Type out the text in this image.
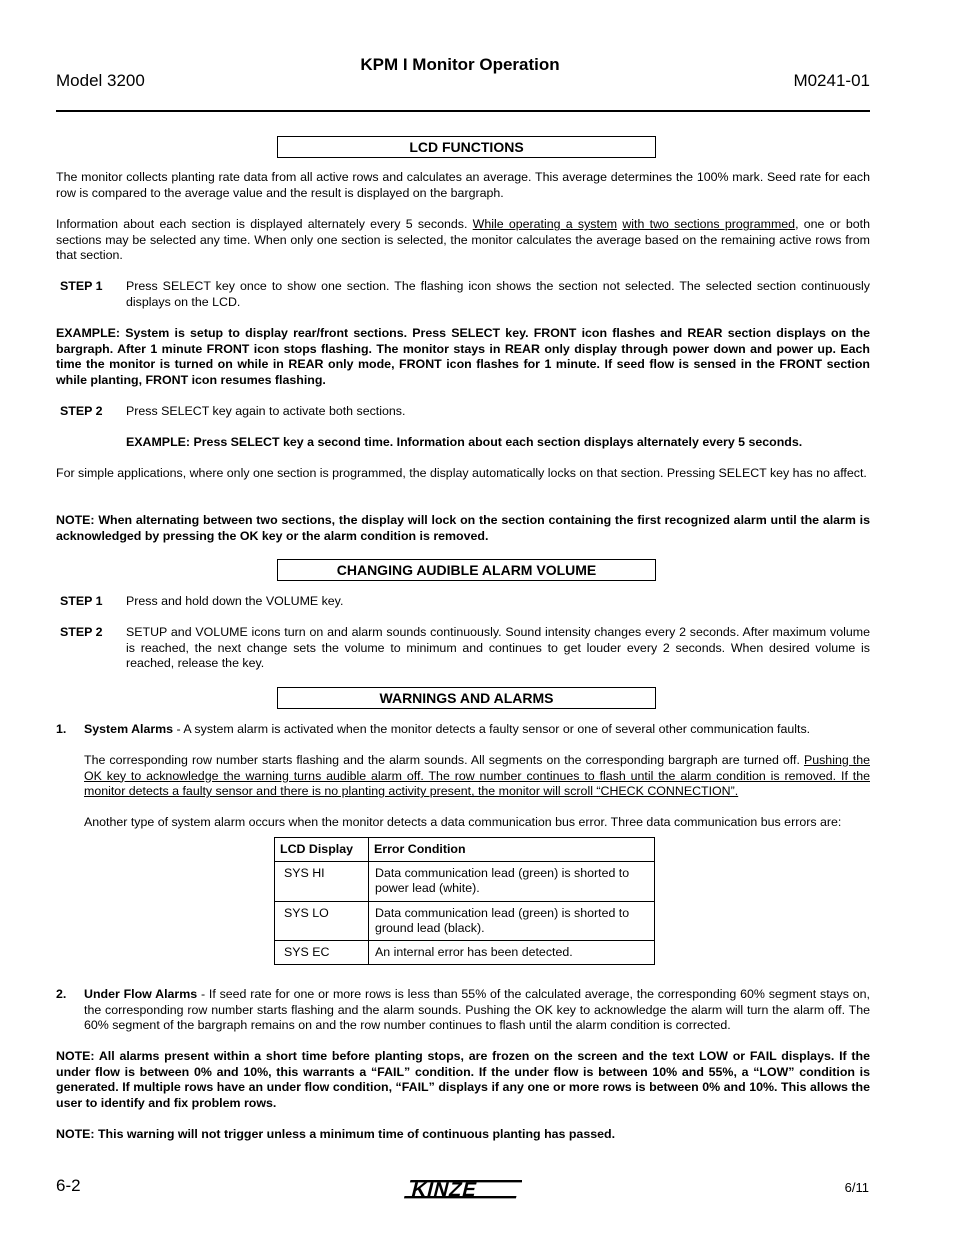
KPM I Monitor Operation
Model 3200	M0241-01
LCD FUNCTIONS
The monitor collects planting rate data from all active rows and calculates an average. This average determines the 100% mark. Seed rate for each row is compared to the average value and the result is displayed on the bargraph.
Information about each section is displayed alternately every 5 seconds. While operating a system with two sections programmed, one or both sections may be selected any time. When only one section is selected, the monitor calculates the average based on the remaining active rows from that section.
STEP 1 Press SELECT key once to show one section. The flashing icon shows the section not selected. The selected section continuously displays on the LCD.
EXAMPLE: System is setup to display rear/front sections. Press SELECT key. FRONT icon flashes and REAR section displays on the bargraph. After 1 minute FRONT icon stops flashing. The monitor stays in REAR only display through power down and power up. Each time the monitor is turned on while in REAR only mode, FRONT icon flashes for 1 minute. If seed flow is sensed in the FRONT section while planting, FRONT icon resumes flashing.
STEP 2 Press SELECT key again to activate both sections.
EXAMPLE: Press SELECT key a second time. Information about each section displays alternately every 5 seconds.
For simple applications, where only one section is programmed, the display automatically locks on that section. Pressing SELECT key has no affect.
NOTE: When alternating between two sections, the display will lock on the section containing the first recognized alarm until the alarm is acknowledged by pressing the OK key or the alarm condition is removed.
CHANGING AUDIBLE ALARM VOLUME
STEP 1 Press and hold down the VOLUME key.
STEP 2 SETUP and VOLUME icons turn on and alarm sounds continuously. Sound intensity changes every 2 seconds. After maximum volume is reached, the next change sets the volume to minimum and continues to get louder every 2 seconds. When desired volume is reached, release the key.
WARNINGS AND ALARMS
1. System Alarms - A system alarm is activated when the monitor detects a faulty sensor or one of several other communication faults.
The corresponding row number starts flashing and the alarm sounds. All segments on the corresponding bargraph are turned off. Pushing the OK key to acknowledge the warning turns audible alarm off. The row number continues to flash until the alarm condition is removed. If the monitor detects a faulty sensor and there is no planting activity present, the monitor will scroll “CHECK CONNECTION”.
Another type of system alarm occurs when the monitor detects a data communication bus error. Three data communication bus errors are:
LCD Display	Error Condition
SYS HI	Data communication lead (green) is shorted to power lead (white).
SYS LO	Data communication lead (green) is shorted to ground lead (black).
SYS EC	An internal error has been detected.
2. Under Flow Alarms - If seed rate for one or more rows is less than 55% of the calculated average, the corresponding 60% segment stays on, the corresponding row number starts flashing and the alarm sounds. Pushing the OK key to acknowledge the alarm will turn the alarm off. The 60% segment of the bargraph remains on and the row number continues to flash until the alarm condition is corrected.
NOTE: All alarms present within a short time before planting stops, are frozen on the screen and the text LOW or FAIL displays. If the under flow is between 0% and 10%, this warrants a “FAIL” condition. If the under flow is between 10% and 55%, a “LOW” condition is generated. If multiple rows have an under flow condition, “FAIL” displays if any one or more rows is between 0% and 10%. This allows the user to identify and fix problem rows.
NOTE: This warning will not trigger unless a minimum time of continuous planting has passed.
6-2	KINZE	6/11
